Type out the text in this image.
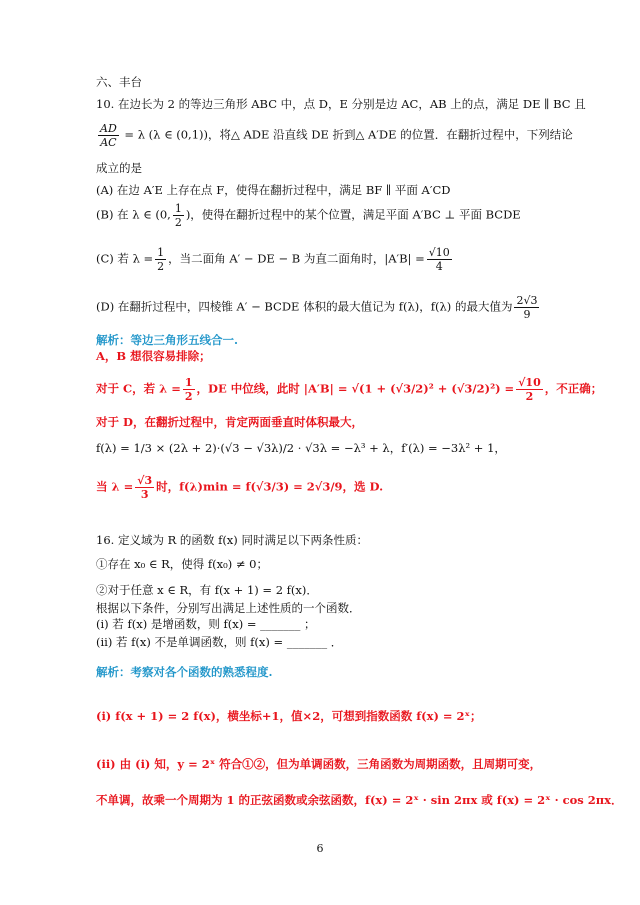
六、丰台
10. 在边长为 2 的等边三角形 ABC 中，点 D，E 分别是边 AC，AB 上的点，满足 DE ∥ BC 且
$\frac{AD}{AC} = \lambda$ (λ ∈ (0,1))，将△ ADE 沿直线 DE 折到△ A′DE 的位置．在翻折过程中，下列结论
成立的是
(A) 在边 A′E 上存在点 F，使得在翻折过程中，满足 BF ∥ 平面 A′CD
(B) 在 λ ∈ (0, $\frac{1}{2}$ )，使得在翻折过程中的某个位置，满足平面 A′BC ⊥ 平面 BCDE
(C) 若 $\lambda = \frac{1}{2}$ ，当二面角 A′ − DE − B 为直二面角时，$|A'B| = \frac{√10}{4}$
(D) 在翻折过程中，四棱锥 A′ − BCDE 体积的最大值记为 f(λ)，f(λ) 的最大值为 $\frac{2√3}{9}$
解析：等边三角形五线合一.
A，B 想很容易排除；
对于 C，若 $\lambda = \frac{1}{2}$ ，DE 中位线，此时 $|A'B| = √(1 + (√3/2)^2 + (√3/2)^2) = \frac{√10}{2}$ ，不正确；
对于 D，在翻折过程中，肯定两面垂直时体积最大，
f(λ) = 1/3 × (2λ + 2)·(√3 − √3λ)/2 · √3λ = −λ³ + λ，f′(λ) = −3λ² + 1，
当 $\lambda = \frac{√3}{3}$ 时，f(λ)min = f(√3/3) = 2√3/9，选 D.
16. 定义域为 R 的函数 f(x) 同时满足以下两条性质：
①存在 x₀ ∈ R，使得 f(x₀) ≠ 0；
②对于任意 x ∈ R，有 f(x + 1) = 2 f(x)．
根据以下条件，分别写出满足上述性质的一个函数．
(ⅰ) 若 f(x) 是增函数，则 f(x) = _______ ；
(ⅱ) 若 f(x) 不是单调函数，则 f(x) = _______ ．
解析：考察对各个函数的熟悉程度.
(ⅰ) f(x + 1) = 2 f(x)，横坐标+1，值×2，可想到指数函数 f(x) = 2ˣ；
(ⅱ) 由 (ⅰ) 知，y = 2ˣ 符合①②，但为单调函数，三角函数为周期函数，且周期可变，
不单调，故乘一个周期为 1 的正弦函数或余弦函数，f(x) = 2ˣ · sin 2πx 或 f(x) = 2ˣ · cos 2πx．
6
